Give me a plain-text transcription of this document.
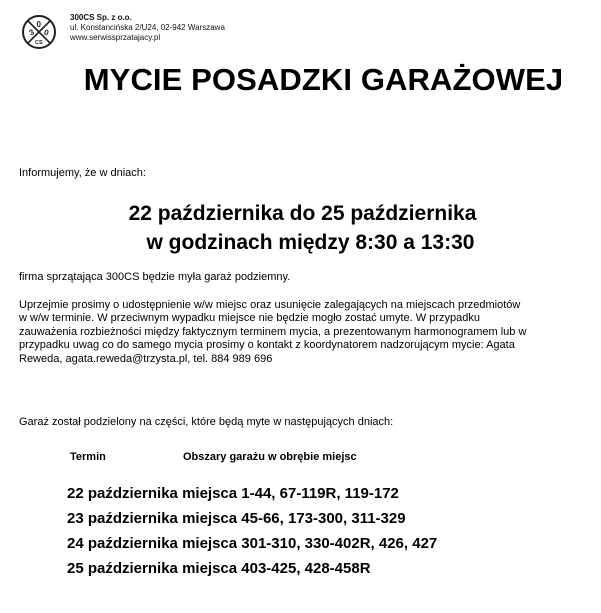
3
0
0
CS
300CS Sp. z o.o.
ul. Konstancińska 2/U24, 02-942 Warszawa
www.serwissprzatajacy.pl
MYCIE POSADZKI GARAŻOWEJ
Informujemy, że w dniach:
22 października do 25 października
w godzinach między 8:30 a 13:30
firma sprzątająca 300CS będzie myła garaż podziemny.
Uprzejmie prosimy o udostępnienie w/w miejsc oraz usunięcie zalegających na miejscach przedmiotów
w w/w terminie. W przeciwnym wypadku miejsce nie będzie mogło zostać umyte. W przypadku
zauważenia rozbieżności między faktycznym terminem mycia, a prezentowanym harmonogramem lub w
przypadku uwag co do samego mycia prosimy o kontakt z koordynatorem nadzorującym mycie: Agata
Reweda, agata.reweda@trzysta.pl, tel. 884 989 696
Garaż został podzielony na części, które będą myte w następujących dniach:
Termin	Obszary garażu w obrębie miejsc
22 października miejsca 1-44, 67-119R, 119-172
23 października miejsca 45-66, 173-300, 311-329
24 października miejsca 301-310, 330-402R, 426, 427
25 października miejsca 403-425, 428-458R
